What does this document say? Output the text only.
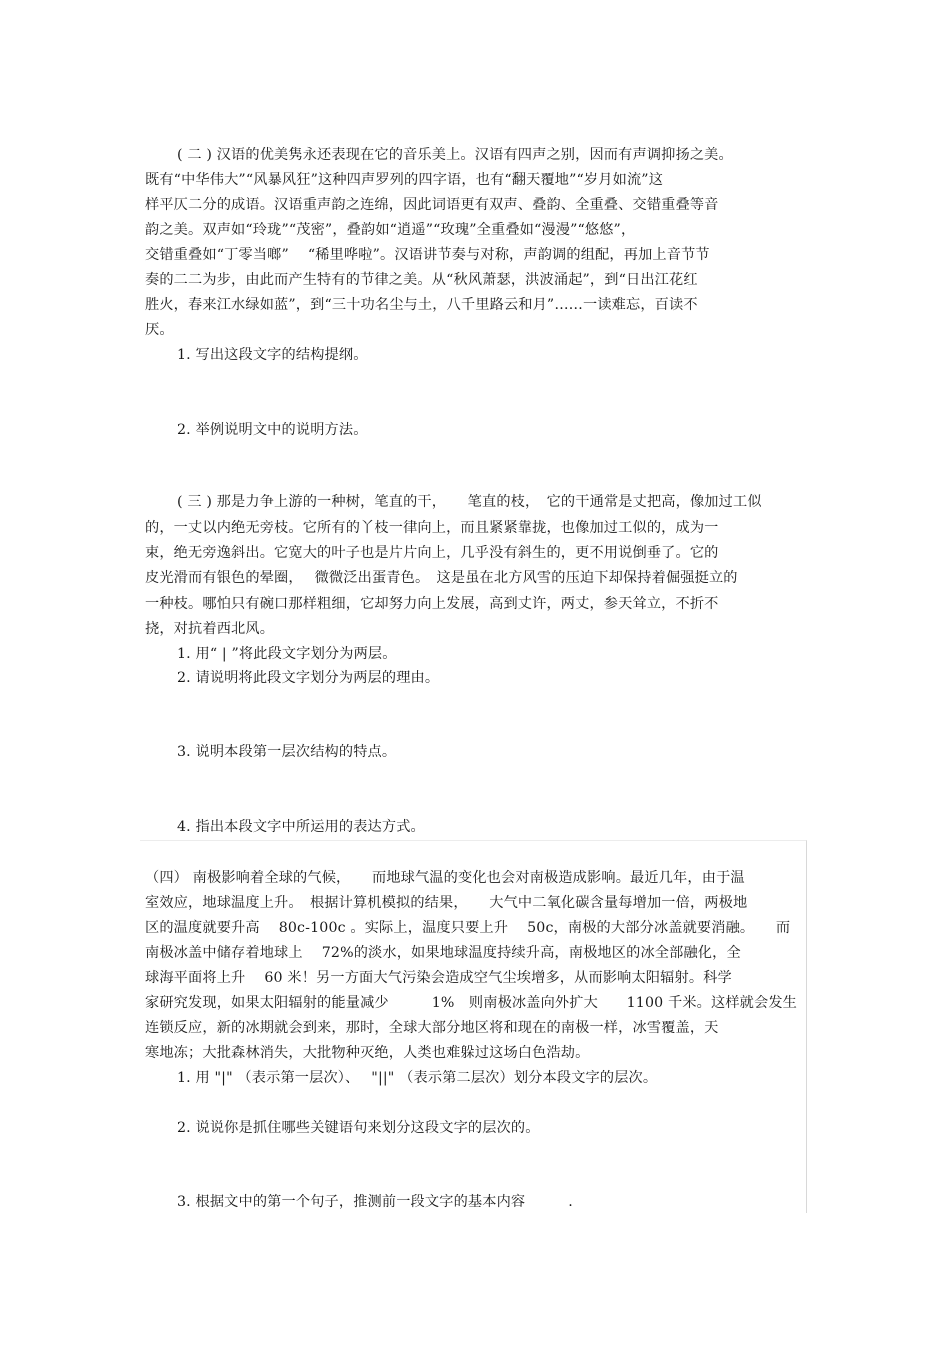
( 二 ) 汉语的优美隽永还表现在它的音乐美上。汉语有四声之别，因而有声调抑扬之美。
既有“中华伟大”“风暴风狂”这种四声罗列的四字语，也有“翻天覆地”“岁月如流”这
样平仄二分的成语。汉语重声韵之连绵，因此词语更有双声、叠韵、全重叠、交错重叠等音
韵之美。双声如“玲珑”“茂密”，叠韵如“逍遥”“玫瑰”全重叠如“漫漫”“悠悠”，
交错重叠如“丁零当啷”　 “稀里哗啦”。汉语讲节奏与对称，声韵调的组配，再加上音节节
奏的二二为步，由此而产生特有的节律之美。从“秋风萧瑟，洪波涌起”，到“日出江花红
胜火，春来江水绿如蓝”，到“三十功名尘与土，八千里路云和月”……一读难忘，百读不
厌。
1. 写出这段文字的结构提纲。
2. 举例说明文中的说明方法。
( 三 ) 那是力争上游的一种树，笔直的干，　　笔直的枝，　它的干通常是丈把高，像加过工似
的，一丈以内绝无旁枝。它所有的丫枝一律向上，而且紧紧靠拢，也像加过工似的，成为一
束，绝无旁逸斜出。它宽大的叶子也是片片向上，几乎没有斜生的，更不用说倒垂了。它的
皮光滑而有银色的晕圈，　 微微泛出蛋青色。　这是虽在北方风雪的压迫下却保持着倔强挺立的
一种枝。哪怕只有碗口那样粗细，它却努力向上发展，高到丈许，两丈，参天耸立，不折不
挠，对抗着西北风。
1. 用“ | ”将此段文字划分为两层。
2. 请说明将此段文字划分为两层的理由。
3. 说明本段第一层次结构的特点。
4. 指出本段文字中所运用的表达方式。
（四） 南极影响着全球的气候，　　而地球气温的变化也会对南极造成影响。最近几年，由于温
室效应，地球温度上升。　根据计算机模拟的结果，　　大气中二氧化碳含量每增加一倍，两极地
区的温度就要升高　 80c-100c 。实际上，温度只要上升　 50c，南极的大部分冰盖就要消融。　　而
南极冰盖中储存着地球上　 72%的淡水，如果地球温度持续升高，南极地区的冰全部融化，全
球海平面将上升　 60 米！另一方面大气污染会造成空气尘埃增多，从而影响太阳辐射。科学
家研究发现，如果太阳辐射的能量减少　　　1%　则南极冰盖向外扩大　　1100 千米。这样就会发生
连锁反应，新的冰期就会到来，那时，全球大部分地区将和现在的南极一样，冰雪覆盖，天
寒地冻；大批森林消失，大批物种灭绝，人类也难躲过这场白色浩劫。
1. 用 "|" （表示第一层次）、　 "||" （表示第二层次）划分本段文字的层次。
2. 说说你是抓住哪些关键语句来划分这段文字的层次的。
3. 根据文中的第一个句子，推测前一段文字的基本内容　　　.
